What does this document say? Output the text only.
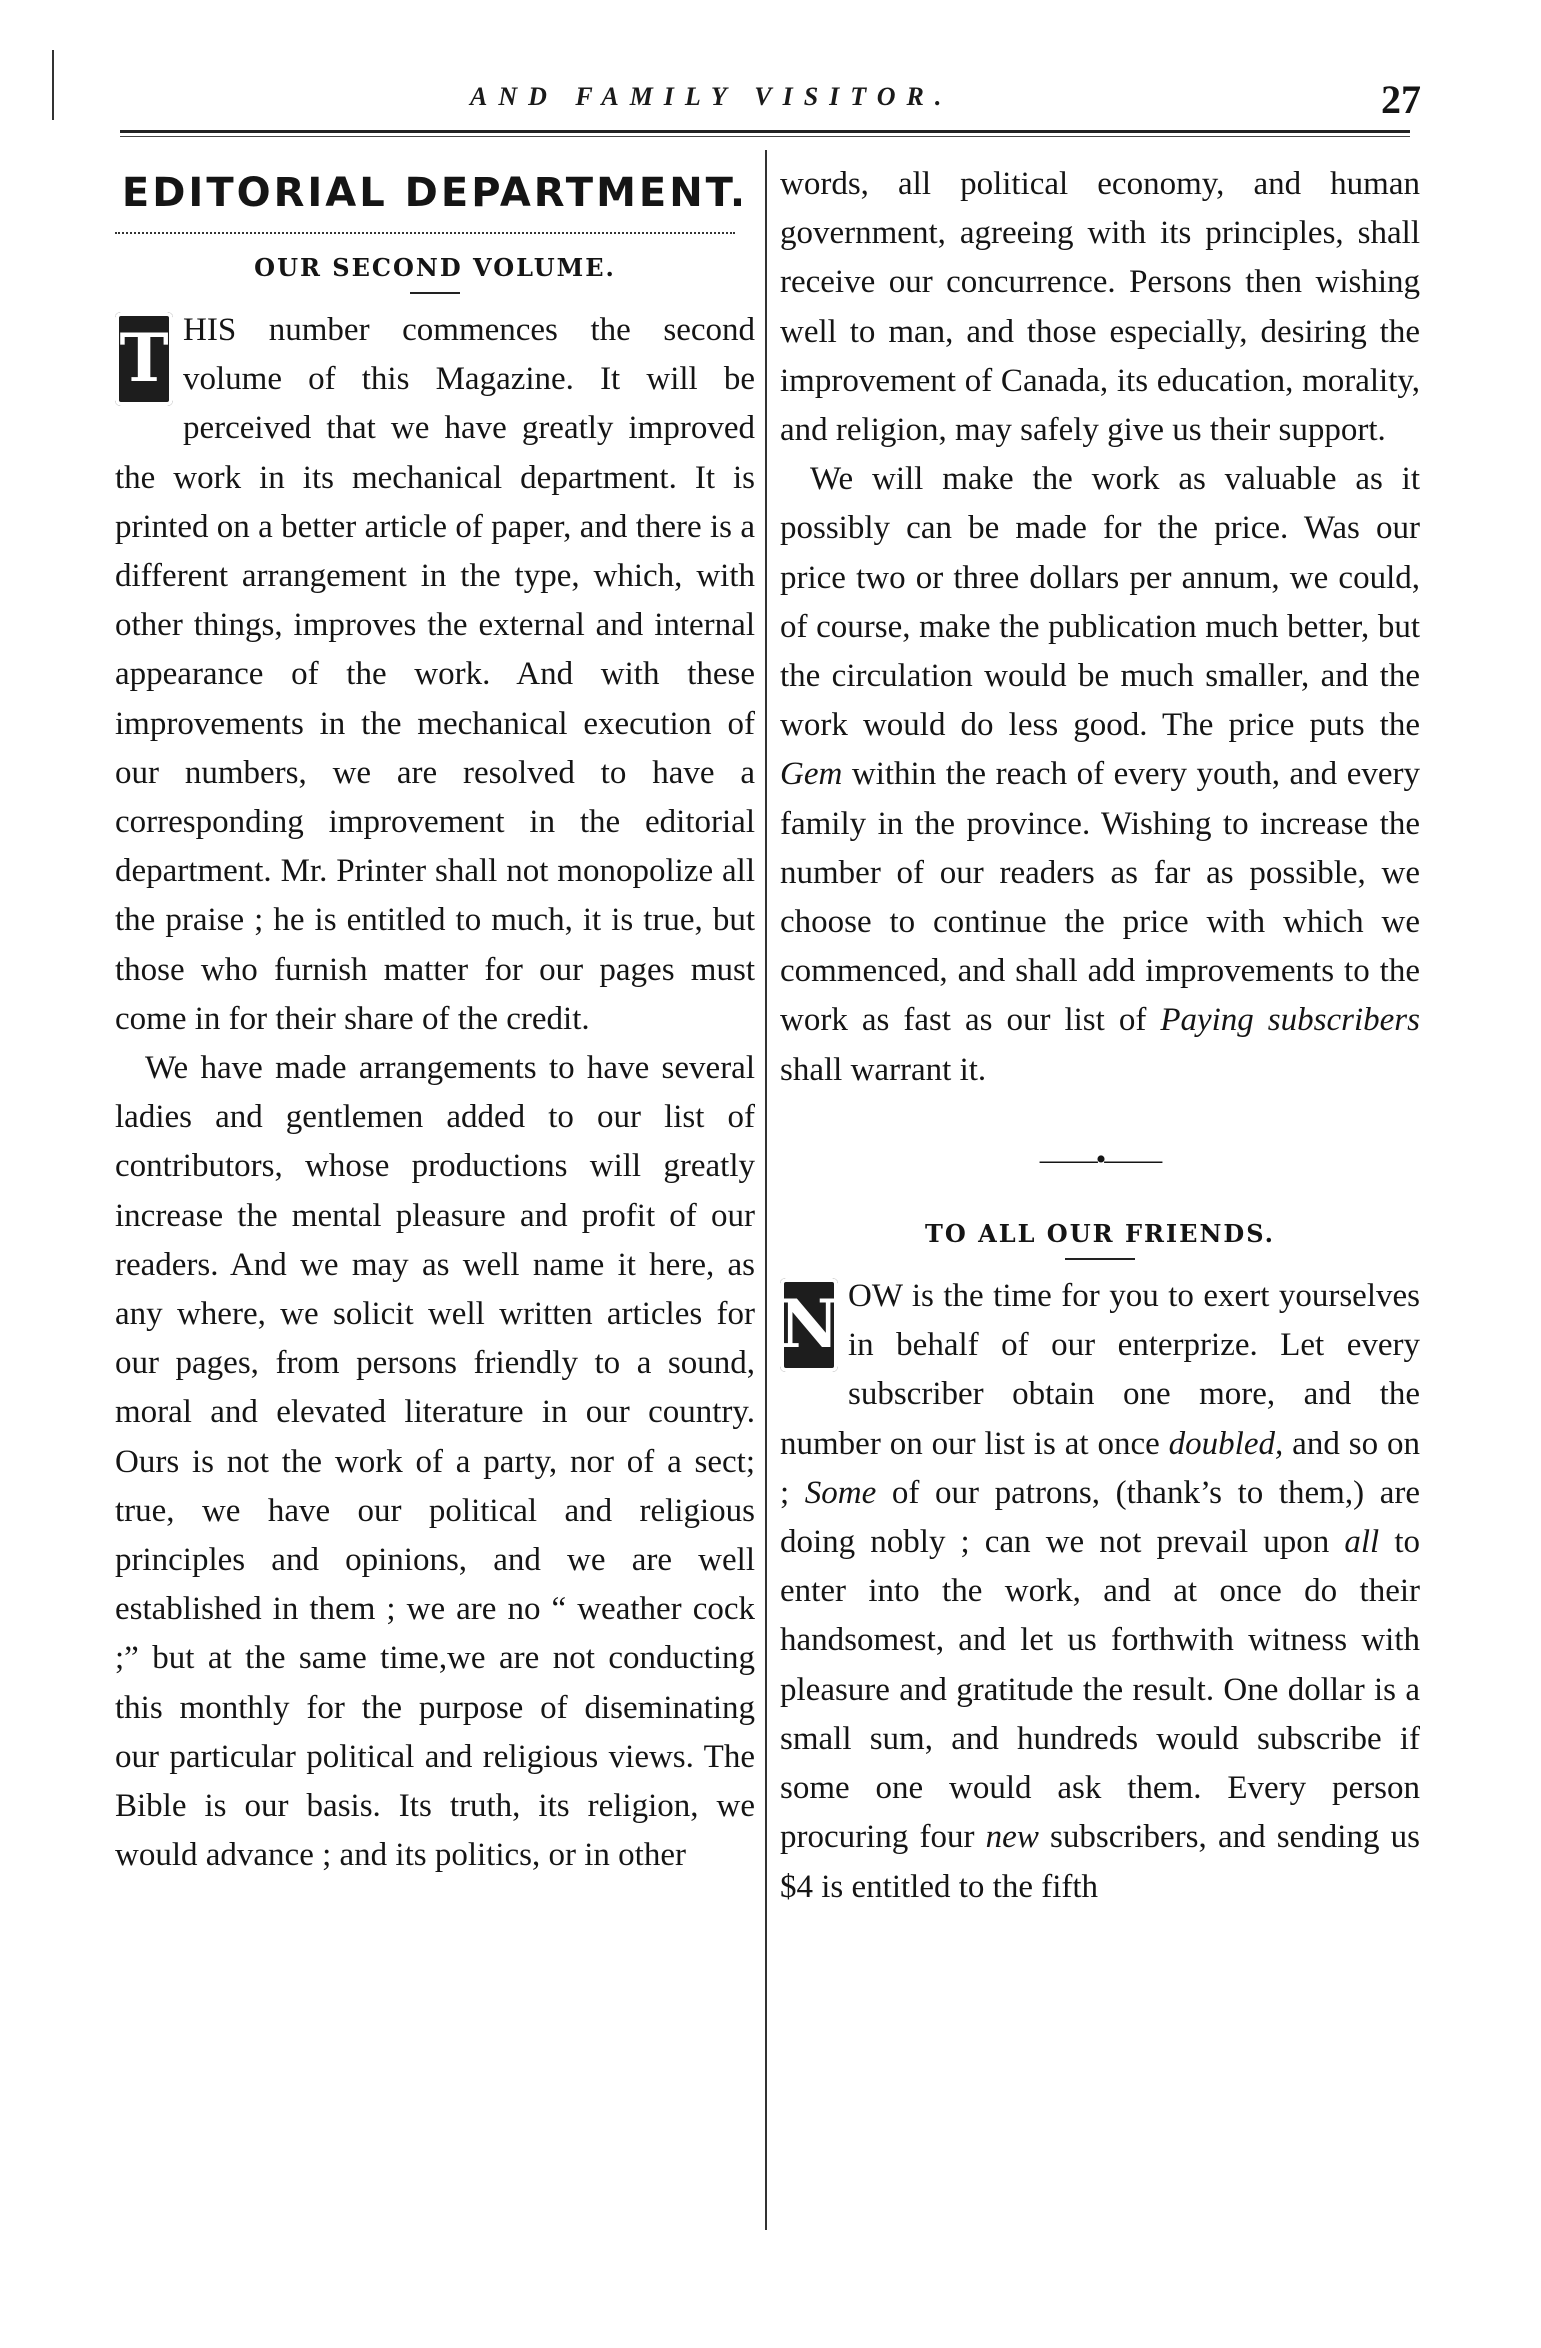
AND FAMILY VISITOR.	27
EDITORIAL DEPARTMENT.
OUR SECOND VOLUME.

T HIS number commences the second volume of this Magazine. It will be perceived that we have greatly improved the work in its mechanical department. It is printed on a better article of paper, and there is a different arrangement in the type, which, with other things, improves the external and internal appearance of the work. And with these improvements in the mechanical execution of our numbers, we are resolved to have a corresponding improvement in the editorial department. Mr. Printer shall not monopolize all the praise ; he is entitled to much, it is true, but those who furnish matter for our pages must come in for their share of the credit.

We have made arrangements to have several ladies and gentlemen added to our list of contributors, whose productions will greatly increase the mental pleasure and profit of our readers. And we may as well name it here, as any where, we solicit well written articles for our pages, from persons friendly to a sound, moral and elevated literature in our country. Ours is not the work of a party, nor of a sect; true, we have our political and religious principles and opinions, and we are well established in them ; we are no “ weather cock ;” but at the same time,we are not conducting this monthly for the purpose of diseminating our particular political and religious views. The Bible is our basis. Its truth, its religion, we would advance ; and its politics, or in other

words, all political economy, and human government, agreeing with its principles, shall receive our concurrence. Persons then wishing well to man, and those especially, desiring the improvement of Canada, its education, morality, and religion, may safely give us their support.

We will make the work as valuable as it possibly can be made for the price. Was our price two or three dollars per annum, we could, of course, make the publication much better, but the circulation would be much smaller, and the work would do less good. The price puts the Gem within the reach of every youth, and every family in the province. Wishing to increase the number of our readers as far as possible, we choose to continue the price with which we commenced, and shall add improvements to the work as fast as our list of Paying subscribers shall warrant it.

——•——
TO ALL OUR FRIENDS.

N OW is the time for you to exert yourselves in behalf of our enterprize. Let every subscriber obtain one more, and the number on our list is at once doubled, and so on ; Some of our patrons, (thank’s to them,) are doing nobly ; can we not prevail upon all to enter into the work, and at once do their handsomest, and let us forthwith witness with pleasure and gratitude the result. One dollar is a small sum, and hundreds would subscribe if some one would ask them. Every person procuring four new subscribers, and sending us $4 is entitled to the fifth
